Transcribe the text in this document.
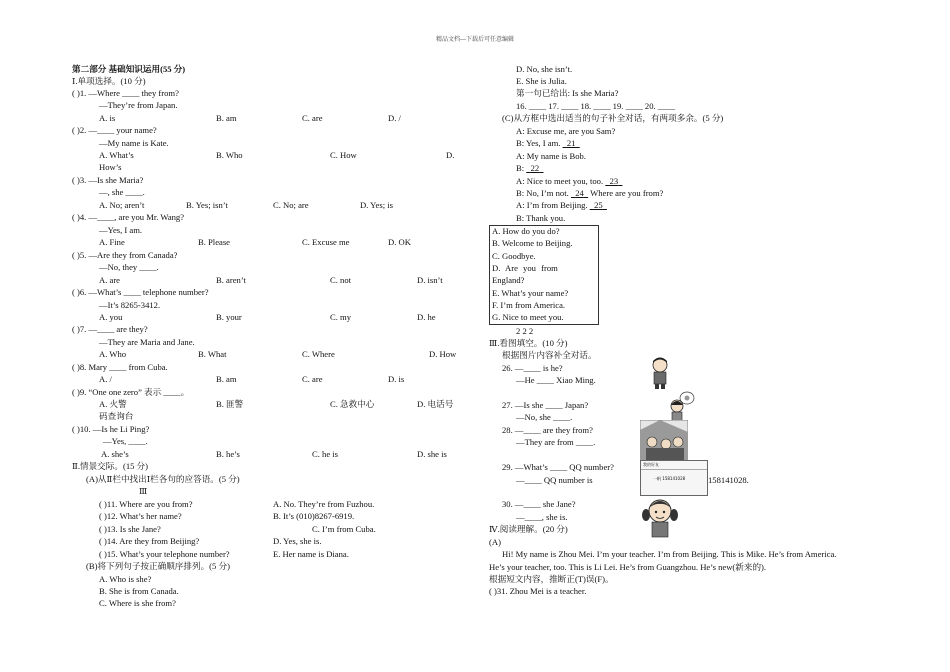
精品文档---下载后可任意编辑
第二部分 基础知识运用(55 分)
Ⅰ.单项选择。(10 分)
( )1. —Where ____ they from?
—They’re from Japan.
A. is	B. am	C. are	D. /
( )2. —____ your name?
—My name is Kate.
A. What’s	B. Who	C. How	D.
How’s
( )3. —Is she Maria?
—, she ____.
A. No; aren’t	B. Yes; isn’t	C. No; are	D. Yes; is
( )4. —____, are you Mr. Wang?
—Yes, I am.
A. Fine	B. Please	C. Excuse me	D. OK
( )5. —Are they from Canada?
—No, they ____.
A. are	B. aren’t	C. not	D. isn’t
( )6. —What’s ____ telephone number?
—It’s 8265-3412.
A. you	B. your	C. my	D. he
( )7. —____ are they?
—They are Maria and Jane.
A. Who	B. What	C. Where	D. How
( )8. Mary ____ from Cuba.
A. /	B. am	C. are	D. is
( )9. “One one zero” 表示 ____。
A. 火警	B. 匪警	C. 急救中心	D. 电话号
码查询台
( )10. —Is he Li Ping?
—Yes, ____.
A. she’s	B. he’s	C. he is	D. she is
Ⅱ.情景交际。(15 分)
(A)从Ⅱ栏中找出Ⅰ栏各句的应答语。(5 分)
Ⅲ
( )11. Where are you from?
( )12. What’s her name?
( )13. Is she Jane?
( )14. Are they from Beijing?
( )15. What’s your telephone number?
A. No. They’re from Fuzhou.
B. It’s (010)8267-6919.
C. I’m from Cuba.
D. Yes, she is.
E. Her name is Diana.
(B)将下列句子按正确顺序排列。(5 分)
A. Who is she?
B. She is from Canada.
C. Where is she from?
D. No, she isn’t.
E. She is Julia.
第一句已给出: Is she Maria?
16. ____ 17. ____ 18. ____ 19. ____ 20. ____
(C)从方框中选出适当的句子补全对话，有两项多余。(5 分)
A: Excuse me, are you Sam?
B: Yes, I am. 21
A: My name is Bob.
B: 22
A: Nice to meet you, too. 23
B: No, I’m not. 24 Where are you from?
A: I’m from Beijing. 25
B: Thank you.
A. How do you do?
B. Welcome to Beijing.
C. Goodbye.
D. Are you from
England?
E. What’s your name?
F. I’m from America.
G. Nice to meet you.
2 2 2
Ⅲ.看图填空。(10 分)
根据图片内容补全对话。
26. —____ is he?
—He ____ Xiao Ming.
27. —Is she ____ Japan?
—No, she ____.
28. —____ are they from?
—They are from ____.
29. —What’s ____ QQ number?
—____ QQ number is	158141028.
30. —____ she Jane?
—____, she is.
我的好友
一帆 158141028
Ⅳ.阅读理解。(20 分)
(A)
Hi! My name is Zhou Mei. I’m your teacher. I’m from Beijing. This is Mike. He’s from America.
He’s your teacher, too. This is Li Lei. He’s from Guangzhou. He’s new(新来的).
根据短文内容，推断正(T)误(F)。
( )31. Zhou Mei is a teacher.
